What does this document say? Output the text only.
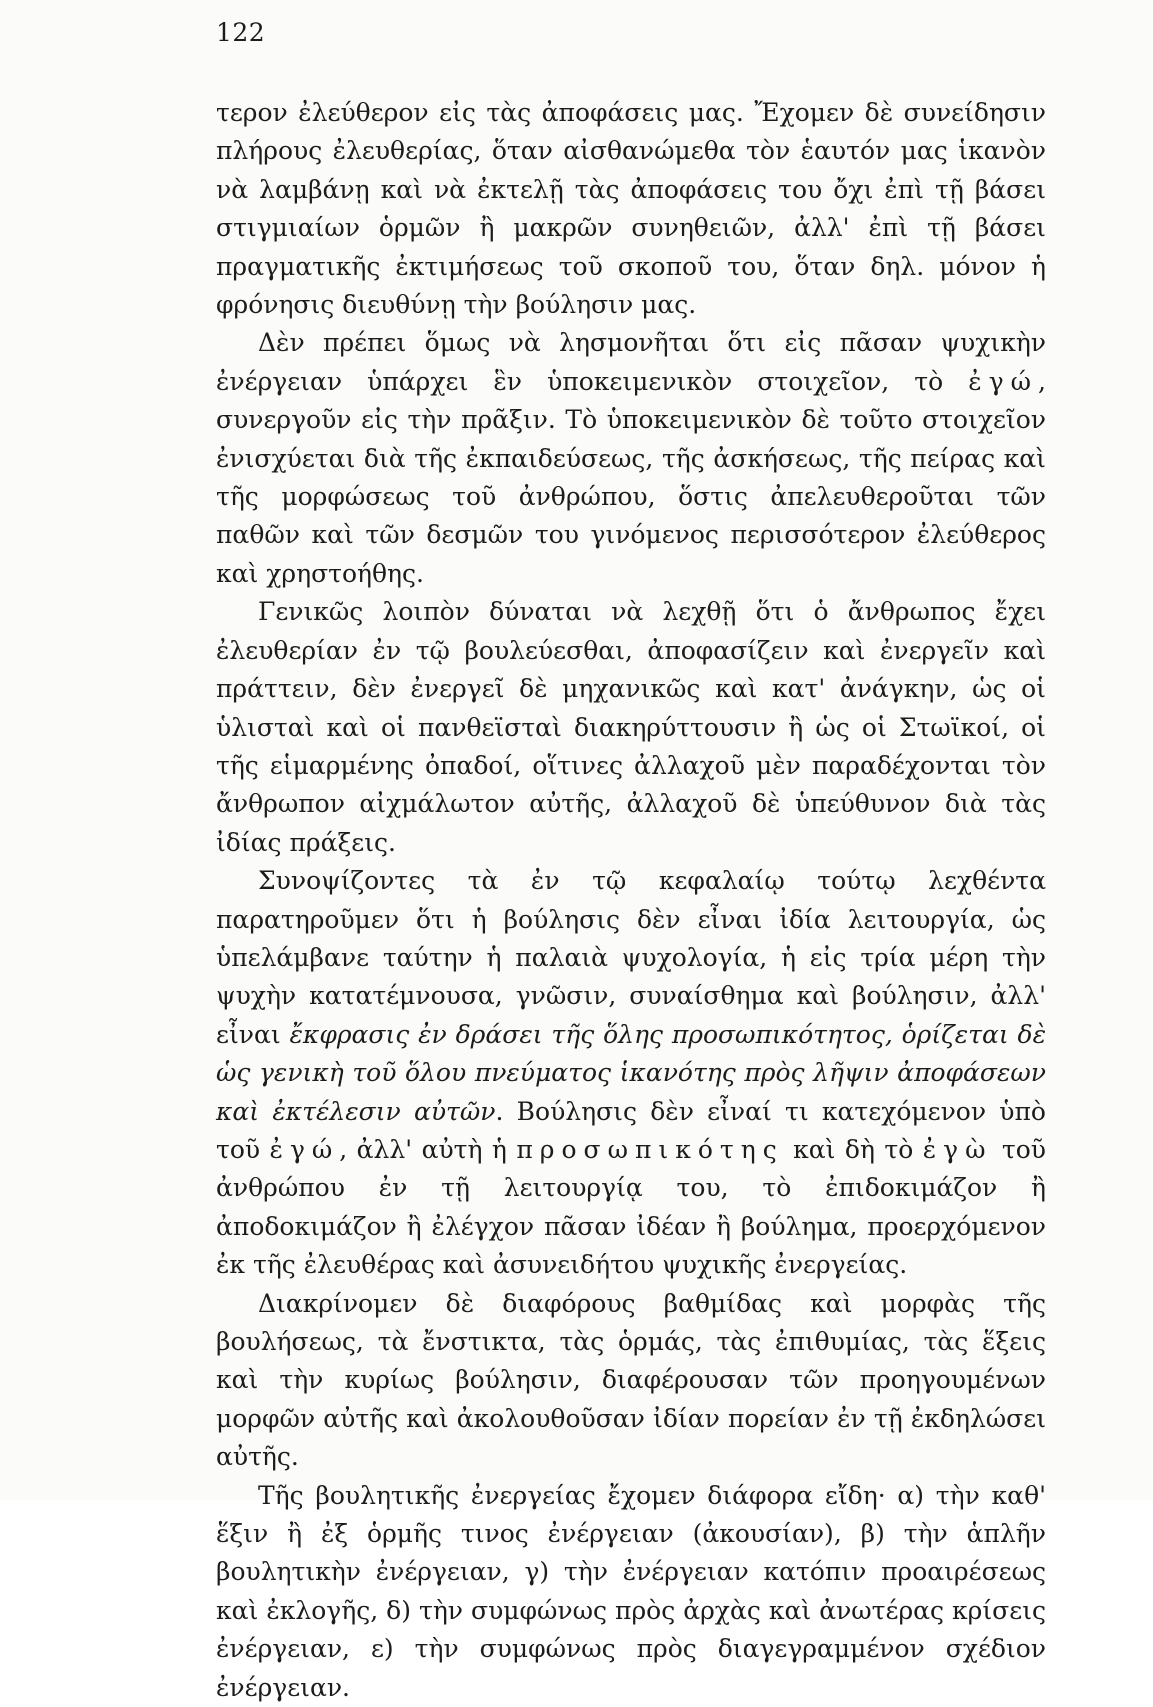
122

τερον ἐλεύθερον εἰς τὰς ἀποφάσεις μας. Ἔχομεν δὲ συνείδησιν πλήρους ἐλευθερίας, ὅταν αἰσθανώμεθα τὸν ἑαυτόν μας ἱκανὸν νὰ λαμβάνῃ καὶ νὰ ἐκτελῇ τὰς ἀποφάσεις του ὄχι ἐπὶ τῇ βάσει στιγμιαίων ὁρμῶν ἢ μακρῶν συνηθειῶν, ἀλλ' ἐπὶ τῇ βάσει πραγματικῆς ἐκτιμήσεως τοῦ σκοποῦ του, ὅταν δηλ. μόνον ἡ φρόνησις διευθύνῃ τὴν βούλησιν μας.

Δὲν πρέπει ὅμως νὰ λησμονῆται ὅτι εἰς πᾶσαν ψυχικὴν ἐνέργειαν ὑπάρχει ἓν ὑποκειμενικὸν στοιχεῖον, τὸ ἐγώ, συνεργοῦν εἰς τὴν πρᾶξιν. Τὸ ὑποκειμενικὸν δὲ τοῦτο στοιχεῖον ἐνισχύεται διὰ τῆς ἐκπαιδεύσεως, τῆς ἀσκήσεως, τῆς πείρας καὶ τῆς μορφώσεως τοῦ ἀνθρώπου, ὅστις ἀπελευθεροῦται τῶν παθῶν καὶ τῶν δεσμῶν του γινόμενος περισσότερον ἐλεύθερος καὶ χρηστοήθης.

Γενικῶς λοιπὸν δύναται νὰ λεχθῇ ὅτι ὁ ἄνθρωπος ἔχει ἐλευθερίαν ἐν τῷ βουλεύεσθαι, ἀποφασίζειν καὶ ἐνεργεῖν καὶ πράττειν, δὲν ἐνεργεῖ δὲ μηχανικῶς καὶ κατ' ἀνάγκην, ὡς οἱ ὑλισταὶ καὶ οἱ πανθεϊσταὶ διακηρύττουσιν ἢ ὡς οἱ Στωϊκοί, οἱ τῆς εἱμαρμένης ὀπαδοί, οἵτινες ἀλλαχοῦ μὲν παραδέχονται τὸν ἄνθρωπον αἰχμάλωτον αὐτῆς, ἀλλαχοῦ δὲ ὑπεύθυνον διὰ τὰς ἰδίας πράξεις.

Συνοψίζοντες τὰ ἐν τῷ κεφαλαίῳ τούτῳ λεχθέντα παρατηροῦμεν ὅτι ἡ βούλησις δὲν εἶναι ἰδία λειτουργία, ὡς ὑπελάμβανε ταύτην ἡ παλαιὰ ψυχολογία, ἡ εἰς τρία μέρη τὴν ψυχὴν κατατέμνουσα, γνῶσιν, συναίσθημα καὶ βούλησιν, ἀλλ' εἶναι ἔκφρασις ἐν δράσει τῆς ὅλης προσωπικότητος, ὁρίζεται δὲ ὡς γενικὴ τοῦ ὅλου πνεύματος ἱκανότης πρὸς λῆψιν ἀποφάσεων καὶ ἐκτέλεσιν αὐτῶν. Βούλησις δὲν εἶναί τι κατεχόμενον ὑπὸ τοῦ ἐγώ, ἀλλ' αὐτὴ ἡ προσωπικότης καὶ δὴ τὸ ἐγὼ τοῦ ἀνθρώπου ἐν τῇ λειτουργίᾳ του, τὸ ἐπιδοκιμάζον ἢ ἀποδοκιμάζον ἢ ἐλέγχον πᾶσαν ἰδέαν ἢ βούλημα, προερχόμενον ἐκ τῆς ἐλευθέρας καὶ ἀσυνειδήτου ψυχικῆς ἐνεργείας.

Διακρίνομεν δὲ διαφόρους βαθμίδας καὶ μορφὰς τῆς βουλήσεως, τὰ ἔνστικτα, τὰς ὁρμάς, τὰς ἐπιθυμίας, τὰς ἕξεις καὶ τὴν κυρίως βούλησιν, διαφέρουσαν τῶν προηγουμένων μορφῶν αὐτῆς καὶ ἀκολουθοῦσαν ἰδίαν πορείαν ἐν τῇ ἐκδηλώσει αὐτῆς.

Τῆς βουλητικῆς ἐνεργείας ἔχομεν διάφορα εἴδη· α) τὴν καθ' ἕξιν ἢ ἐξ ὁρμῆς τινος ἐνέργειαν (ἀκουσίαν), β) τὴν ἁπλῆν βουλητικὴν ἐνέργειαν, γ) τὴν ἐνέργειαν κατόπιν προαιρέσεως καὶ ἐκλογῆς, δ) τὴν συμφώνως πρὸς ἀρχὰς καὶ ἀνωτέρας κρίσεις ἐνέργειαν, ε) τὴν συμφώνως πρὸς διαγεγραμμένον σχέδιον ἐνέργειαν.
